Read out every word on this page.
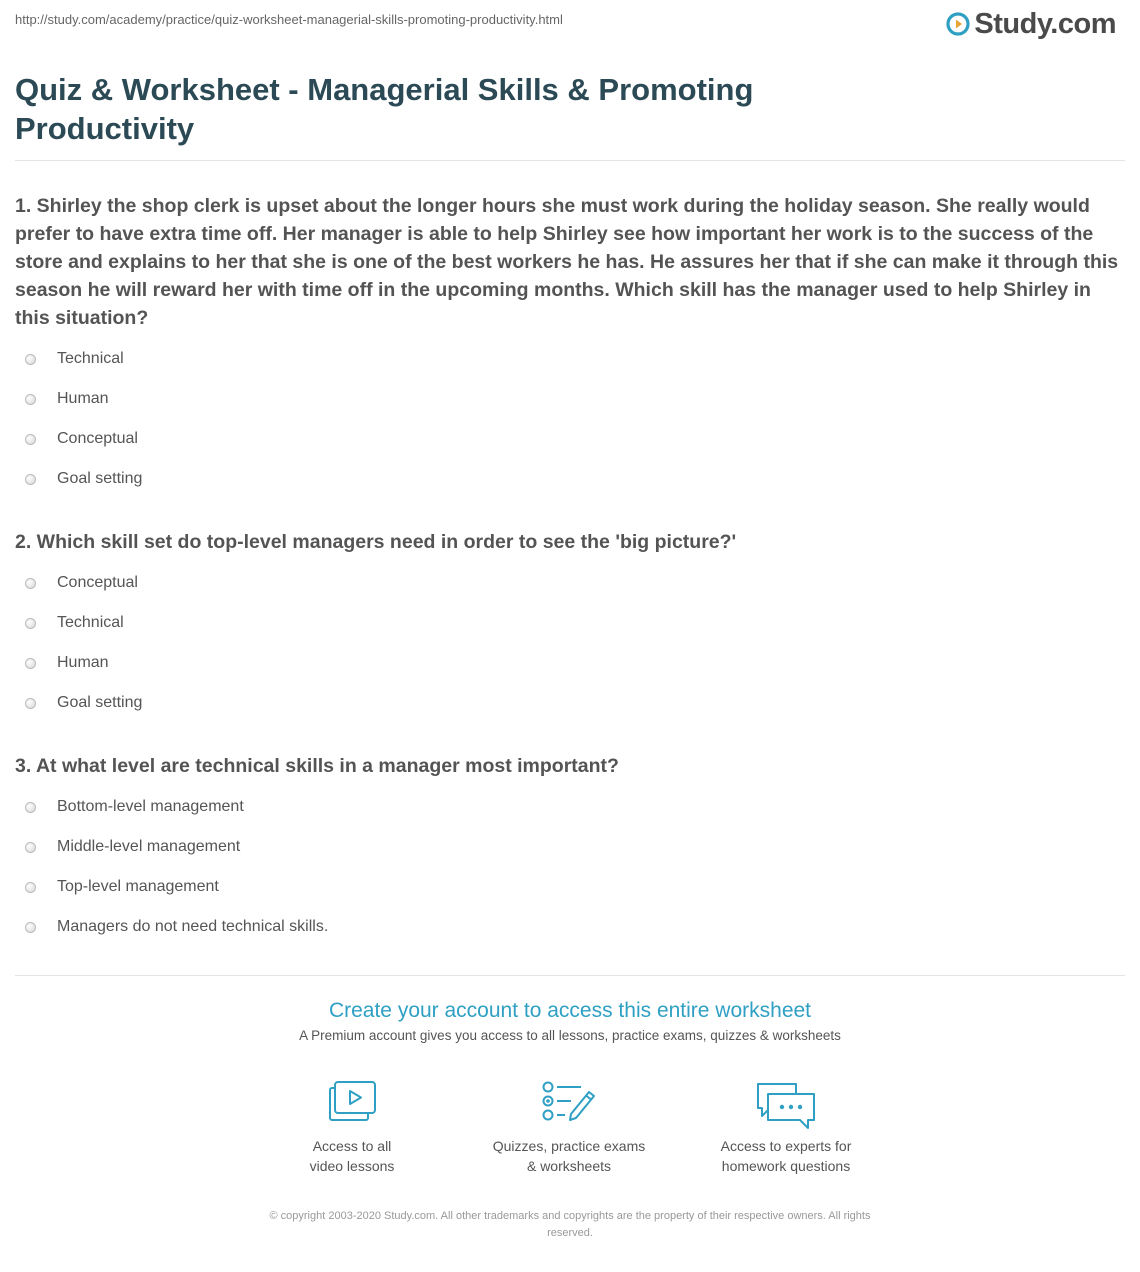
http://study.com/academy/practice/quiz-worksheet-managerial-skills-promoting-productivity.html	Study.com
Quiz & Worksheet - Managerial Skills & Promoting Productivity

1. Shirley the shop clerk is upset about the longer hours she must work during the holiday season. She really would prefer to have extra time off. Her manager is able to help Shirley see how important her work is to the success of the store and explains to her that she is one of the best workers he has. He assures her that if she can make it through this season he will reward her with time off in the upcoming months. Which skill has the manager used to help Shirley in this situation?

Technical
Human
Conceptual
Goal setting

2. Which skill set do top-level managers need in order to see the 'big picture?'

Conceptual
Technical
Human
Goal setting

3. At what level are technical skills in a manager most important?

Bottom-level management
Middle-level management
Top-level management
Managers do not need technical skills.
Create your account to access this entire worksheet

A Premium account gives you access to all lessons, practice exams, quizzes & worksheets

Access to all
video lessons
Quizzes, practice exams
& worksheets
Access to experts for
homework questions
© copyright 2003-2020 Study.com. All other trademarks and copyrights are the property of their respective owners. All rights
reserved.
